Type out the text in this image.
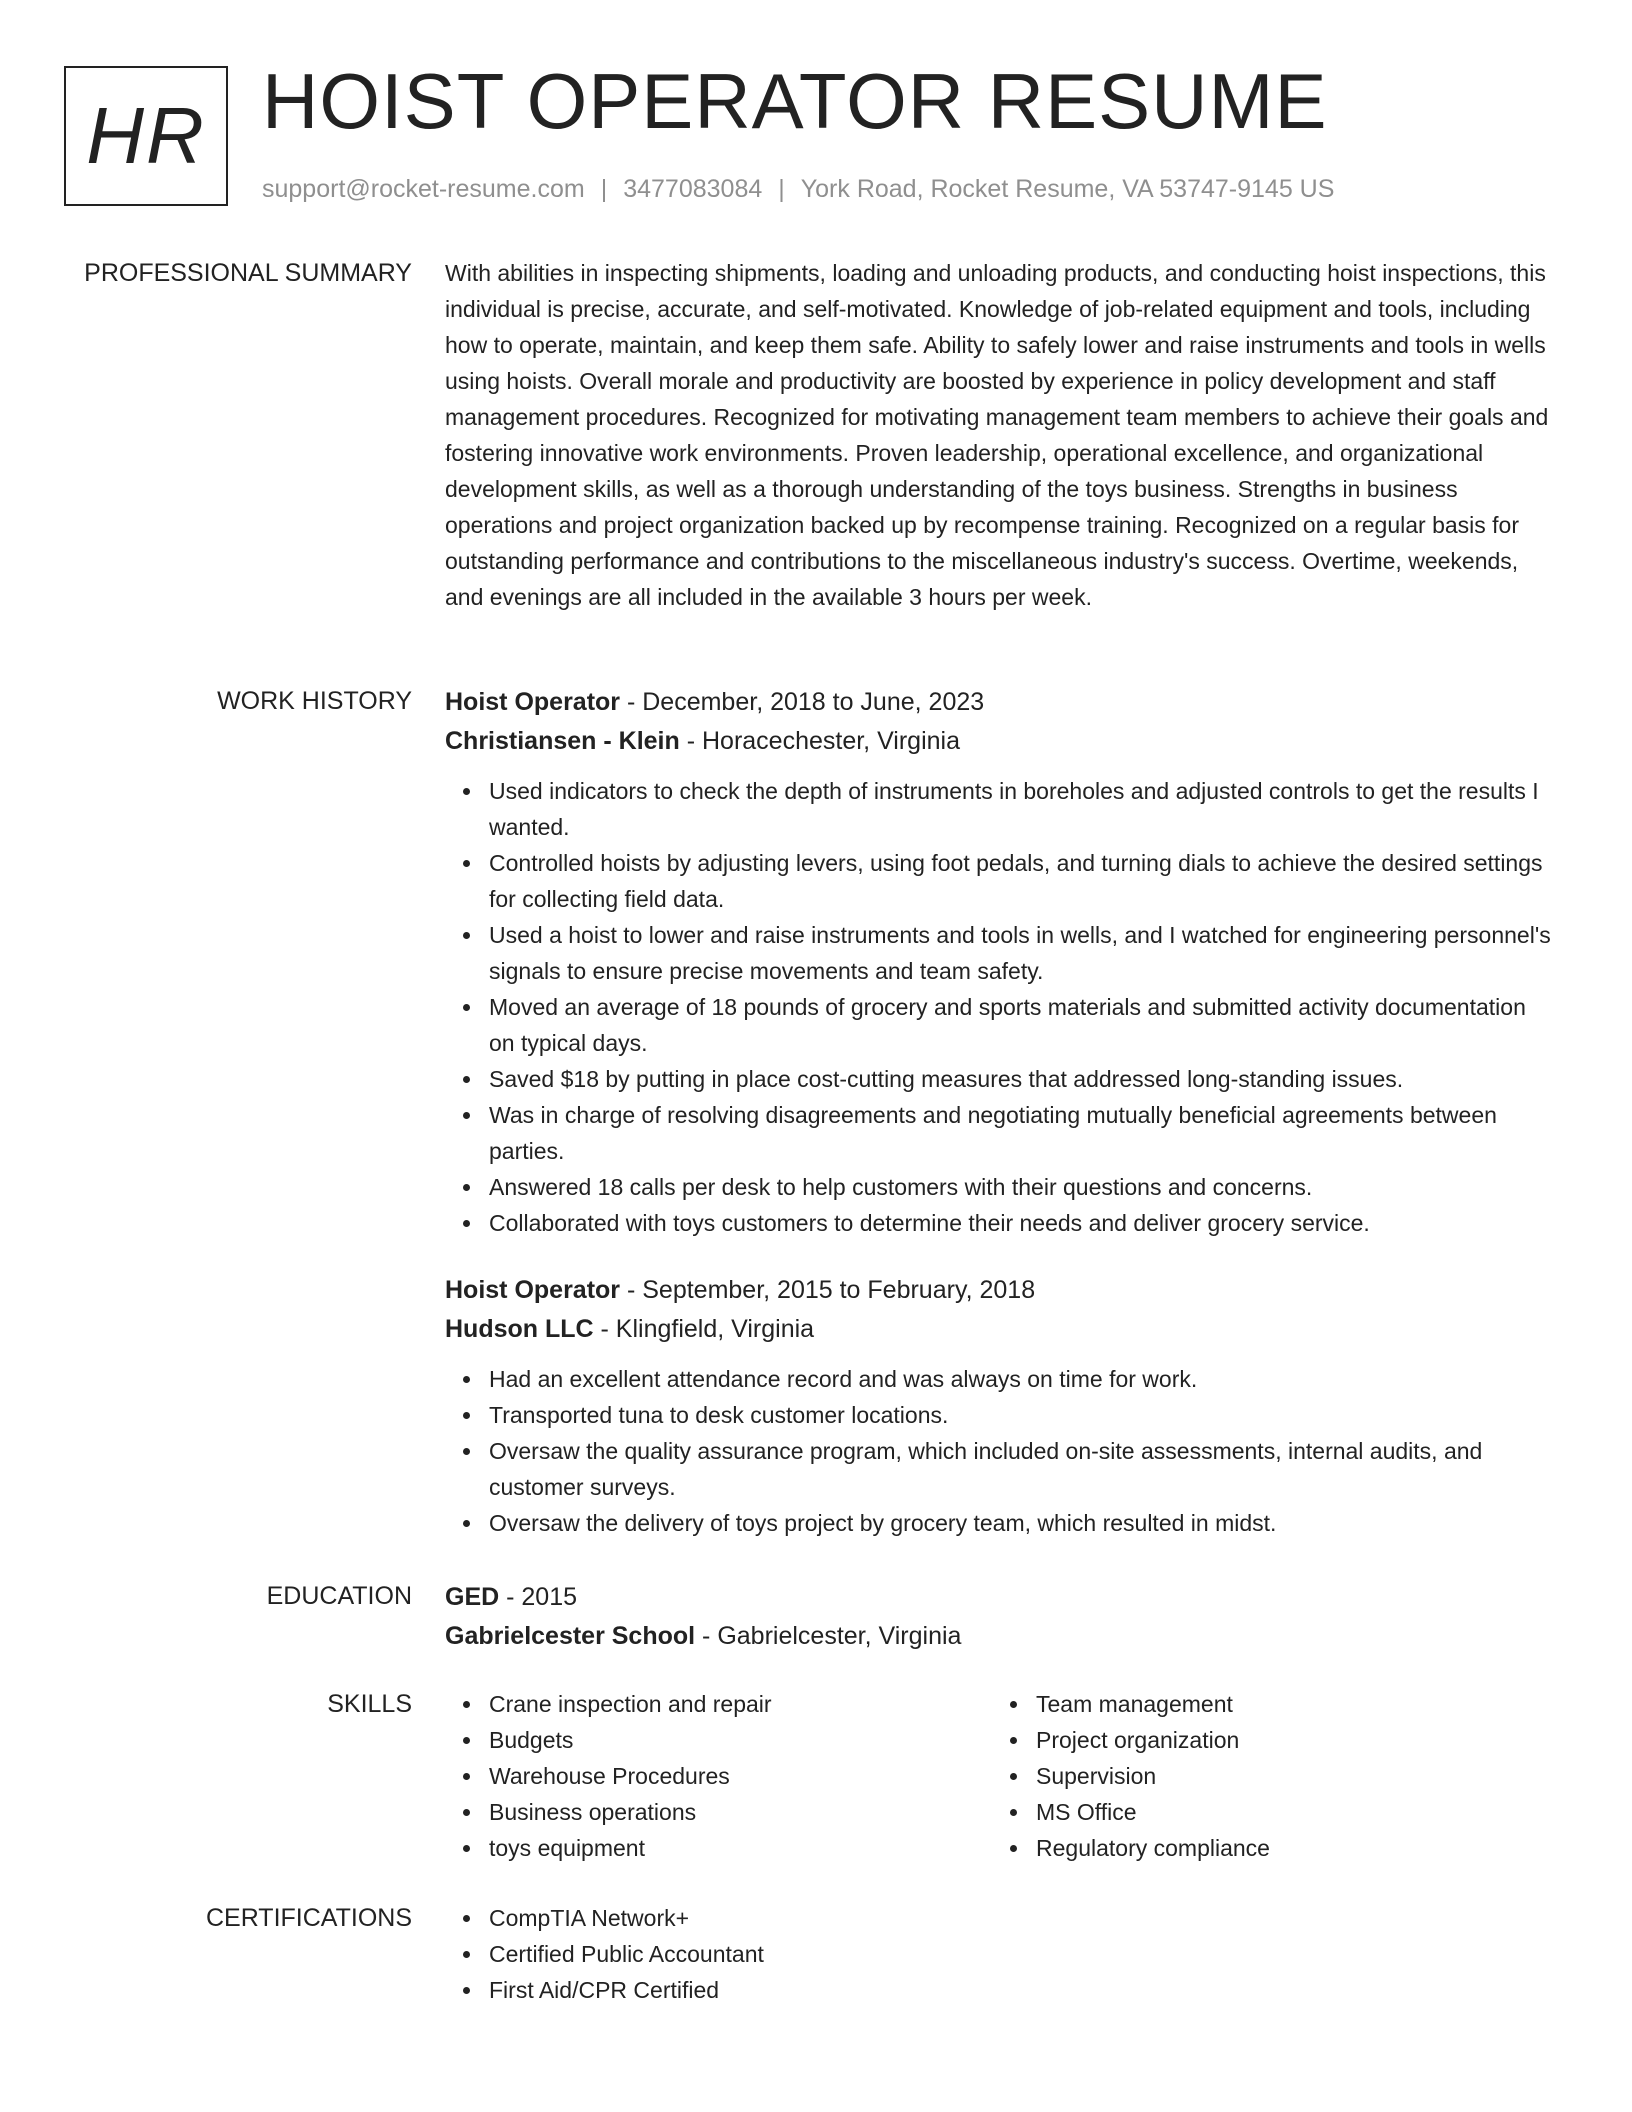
HR HOIST OPERATOR RESUME
support@rocket-resume.com | 3477083084 | York Road, Rocket Resume, VA 53747-9145 US
PROFESSIONAL SUMMARY With abilities in inspecting shipments, loading and unloading products, and conducting hoist inspections, this individual is precise, accurate, and self-motivated. Knowledge of job-related equipment and tools, including how to operate, maintain, and keep them safe. Ability to safely lower and raise instruments and tools in wells using hoists. Overall morale and productivity are boosted by experience in policy development and staff management procedures. Recognized for motivating management team members to achieve their goals and fostering innovative work environments. Proven leadership, operational excellence, and organizational development skills, as well as a thorough understanding of the toys business. Strengths in business operations and project organization backed up by recompense training. Recognized on a regular basis for outstanding performance and contributions to the miscellaneous industry's success. Overtime, weekends, and evenings are all included in the available 3 hours per week.

WORK HISTORY Hoist Operator - December, 2018 to June, 2023
Christiansen - Klein - Horacechester, Virginia
Used indicators to check the depth of instruments in boreholes and adjusted controls to get the results I wanted.
Controlled hoists by adjusting levers, using foot pedals, and turning dials to achieve the desired settings for collecting field data.
Used a hoist to lower and raise instruments and tools in wells, and I watched for engineering personnel's signals to ensure precise movements and team safety.
Moved an average of 18 pounds of grocery and sports materials and submitted activity documentation on typical days.
Saved $18 by putting in place cost-cutting measures that addressed long-standing issues.
Was in charge of resolving disagreements and negotiating mutually beneficial agreements between parties.
Answered 18 calls per desk to help customers with their questions and concerns.
Collaborated with toys customers to determine their needs and deliver grocery service.
Hoist Operator - September, 2015 to February, 2018
Hudson LLC - Klingfield, Virginia
Had an excellent attendance record and was always on time for work.
Transported tuna to desk customer locations.
Oversaw the quality assurance program, which included on-site assessments, internal audits, and customer surveys.
Oversaw the delivery of toys project by grocery team, which resulted in midst.
EDUCATION GED - 2015
Gabrielcester School - Gabrielcester, Virginia
SKILLS	Crane inspection and repair
Budgets
Warehouse Procedures
Business operations
toys equipment
Team management
Project organization
Supervision
MS Office
Regulatory compliance
CERTIFICATIONS	CompTIA Network+
Certified Public Accountant
First Aid/CPR Certified
